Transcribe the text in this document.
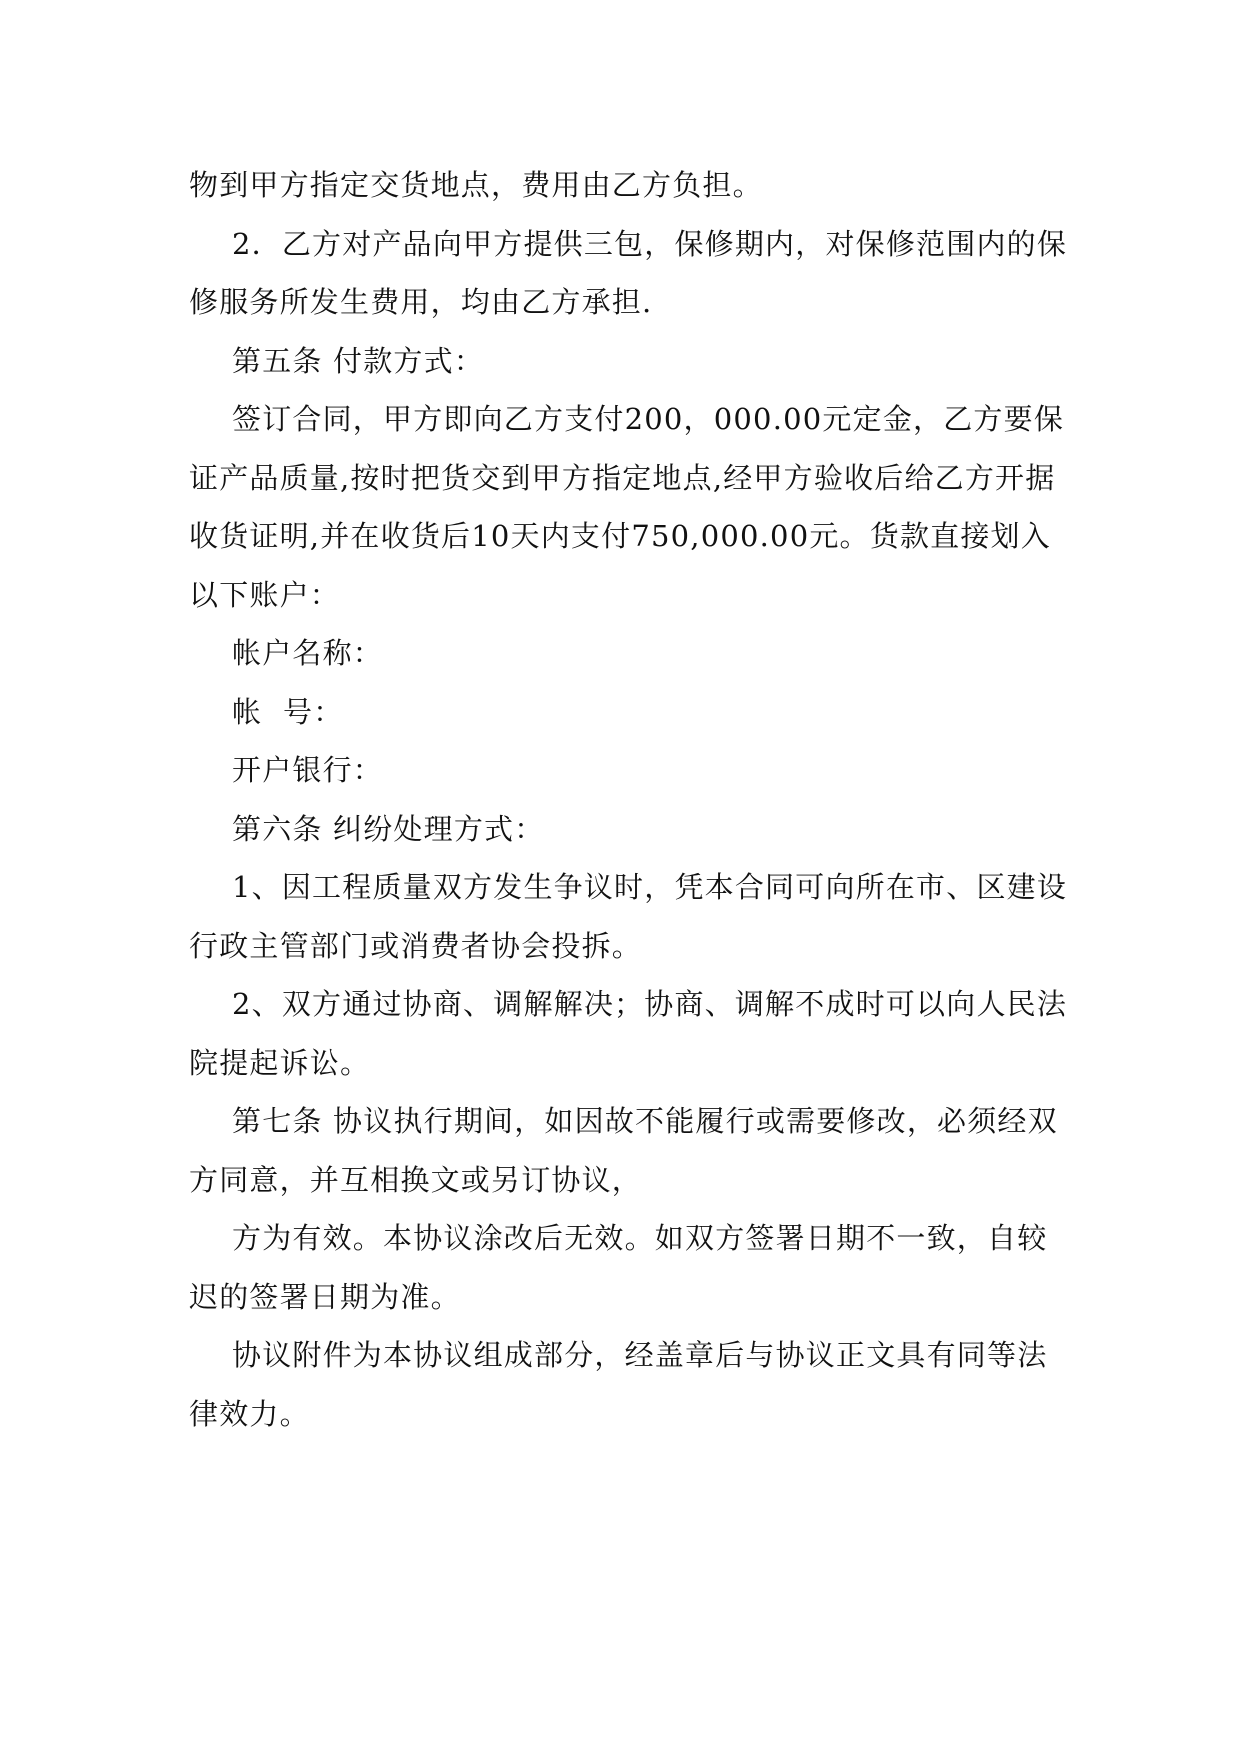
物到甲方指定交货地点，费用由乙方负担。

2．乙方对产品向甲方提供三包，保修期内，对保修范围内的保修服务所发生费用，均由乙方承担.

第五条 付款方式：

签订合同，甲方即向乙方支付200，000.00元定金，乙方要保证产品质量,按时把货交到甲方指定地点,经甲方验收后给乙方开据收货证明,并在收货后10天内支付750,000.00元。货款直接划入以下账户：

帐户名称：

帐  号：

开户银行：

第六条 纠纷处理方式：

1、因工程质量双方发生争议时，凭本合同可向所在市、区建设行政主管部门或消费者协会投拆。

2、双方通过协商、调解解决；协商、调解不成时可以向人民法院提起诉讼。

第七条 协议执行期间，如因故不能履行或需要修改，必须经双方同意，并互相换文或另订协议，

方为有效。本协议涂改后无效。如双方签署日期不一致，自较迟的签署日期为准。

协议附件为本协议组成部分，经盖章后与协议正文具有同等法律效力。
